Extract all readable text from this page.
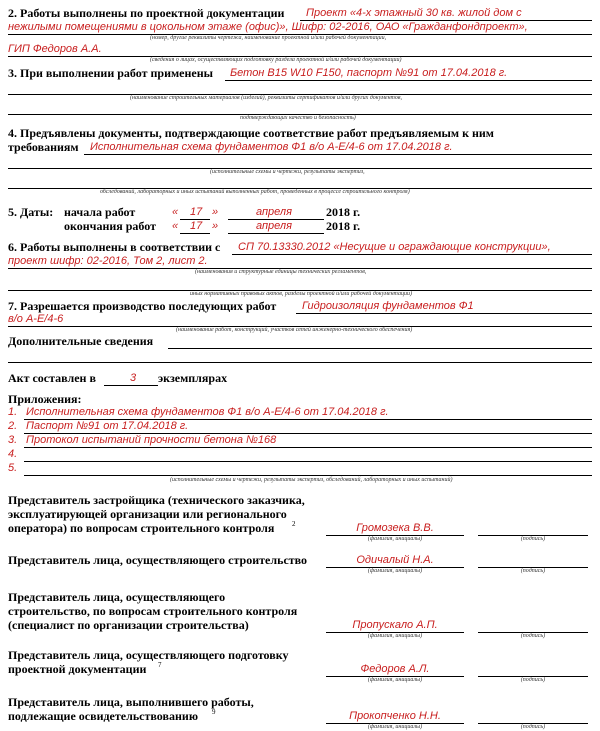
2. Работы выполнены по проектной документации Проект «4-х этажный 30 кв. жилой дом с
нежилыми помещениями в цокольном этаже (офис)», Шифр: 02-2016, ОАО «Гражданфондпроект»,
(номер, другие реквизиты чертежа, наименование проектной и/или рабочей документации,
ГИП Федоров А.А.
(сведения о лицах, осуществляющих подготовку раздела проектной и/или рабочей документации)
3. При выполнении работ применены Бетон В15 W10 F150, паспорт №91 от 17.04.2018 г.
(наименование строительных материалов (изделий), реквизиты сертификатов и/или других документов,
подтверждающих качество и безопасность)
4. Предъявлены документы, подтверждающие соответствие работ предъявляемым к ним
требованиям Исполнительная схема фундаментов Ф1 в/о А-Е/4-6 от 17.04.2018 г.
(исполнительные схемы и чертежи, результаты экспертиз,
обследований, лабораторных и иных испытаний выполненных работ, проведенных в процессе строительного контроля)
5. Даты: начала работ
окончания работ
« 17 »	апреля	2018 г.
« 17 »	апреля	2018 г.
6. Работы выполнены в соответствии с СП 70.13330.2012 «Несущие и ограждающие конструкции»,
проект шифр: 02-2016, Том 2, лист 2.
(наименования и структурные единицы технических регламентов,
иных нормативных правовых актов, разделы проектной и/или рабочей документации)
7. Разрешается производство последующих работ Гидроизоляция фундаментов Ф1
в/о А-Е/4-6
(наименование работ, конструкций, участков сетей инженерно-технического обеспечения)
Дополнительные сведения
Акт составлен в	3 экземплярах
Приложения:
1. Исполнительная схема фундаментов Ф1 в/о А-Е/4-6 от 17.04.2018 г.
2. Паспорт №91 от 17.04.2018 г.
3. Протокол испытаний прочности бетона №168
4.
5.
(исполнительные схемы и чертежи, результаты экспертиз, обследований, лабораторных и иных испытаний)
Представитель застройщика (технического заказчика,
эксплуатирующей организации или регионального
оператора) по вопросам строительного контроля	2	Громозека В.В.
(фамилия, инициалы)	(подпись)
Представитель лица, осуществляющего строительство	Одичалый Н.А.
(фамилия, инициалы)	(подпись)
Представитель лица, осуществляющего
строительство, по вопросам строительного контроля
(специалист по организации строительства)	Пропускало А.П.
(фамилия, инициалы)	(подпись)
Представитель лица, осуществляющего подготовку
проектной документации 7	Федоров А.Л.
(фамилия, инициалы)	(подпись)
Представитель лица, выполнившего работы,
подлежащие освидетельствованию 9	Прокопченко Н.Н.
(фамилия, инициалы)	(подпись)
